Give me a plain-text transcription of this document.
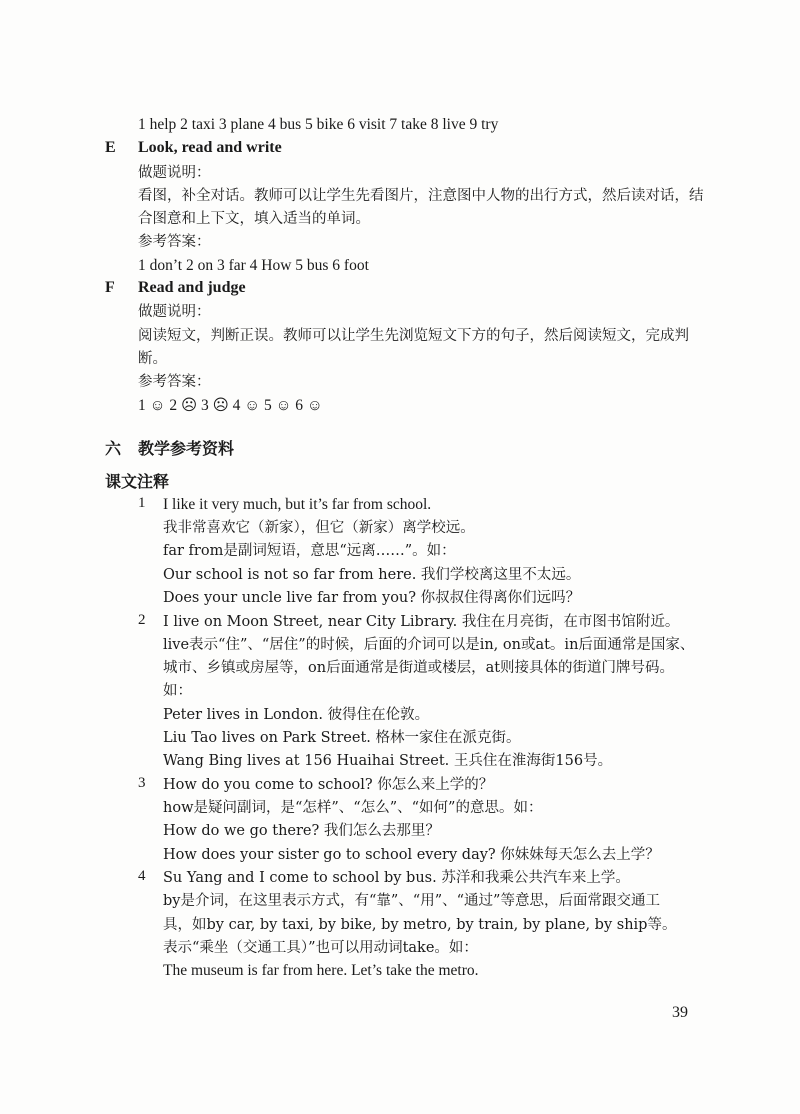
1 help 2 taxi 3 plane 4 bus 5 bike 6 visit 7 take 8 live 9 try
E Look, read and write
做题说明：
看图，补全对话。教师可以让学生先看图片，注意图中人物的出行方式，然后读对话，结
合图意和上下文，填入适当的单词。
参考答案：
1 don’t 2 on 3 far 4 How 5 bus 6 foot
F Read and judge
做题说明：
阅读短文，判断正误。教师可以让学生先浏览短文下方的句子，然后阅读短文，完成判
断。
参考答案：
1 ☺ 2 ☹ 3 ☹ 4 ☺ 5 ☺ 6 ☺
六 教学参考资料
课文注释
1 I like it very much, but it’s far from school.
我非常喜欢它（新家），但它（新家）离学校远。
far from是副词短语，意思“远离……”。如：
Our school is not so far from here. 我们学校离这里不太远。
Does your uncle live far from you? 你叔叔住得离你们远吗？
2 I live on Moon Street, near City Library. 我住在月亮街，在市图书馆附近。
live表示“住”、“居住”的时候，后面的介词可以是in, on或at。in后面通常是国家、
城市、乡镇或房屋等，on后面通常是街道或楼层，at则接具体的街道门牌号码。
如：
Peter lives in London. 彼得住在伦敦。
Liu Tao lives on Park Street. 格林一家住在派克街。
Wang Bing lives at 156 Huaihai Street. 王兵住在淮海街156号。
3 How do you come to school? 你怎么来上学的？
how是疑问副词，是“怎样”、“怎么”、“如何”的意思。如：
How do we go there? 我们怎么去那里？
How does your sister go to school every day? 你妹妹每天怎么去上学？
4 Su Yang and I come to school by bus. 苏洋和我乘公共汽车来上学。
by是介词，在这里表示方式，有“靠”、“用”、“通过”等意思，后面常跟交通工
具，如by car, by taxi, by bike, by metro, by train, by plane, by ship等。
表示“乘坐（交通工具）”也可以用动词take。如：
The museum is far from here. Let’s take the metro.
39
